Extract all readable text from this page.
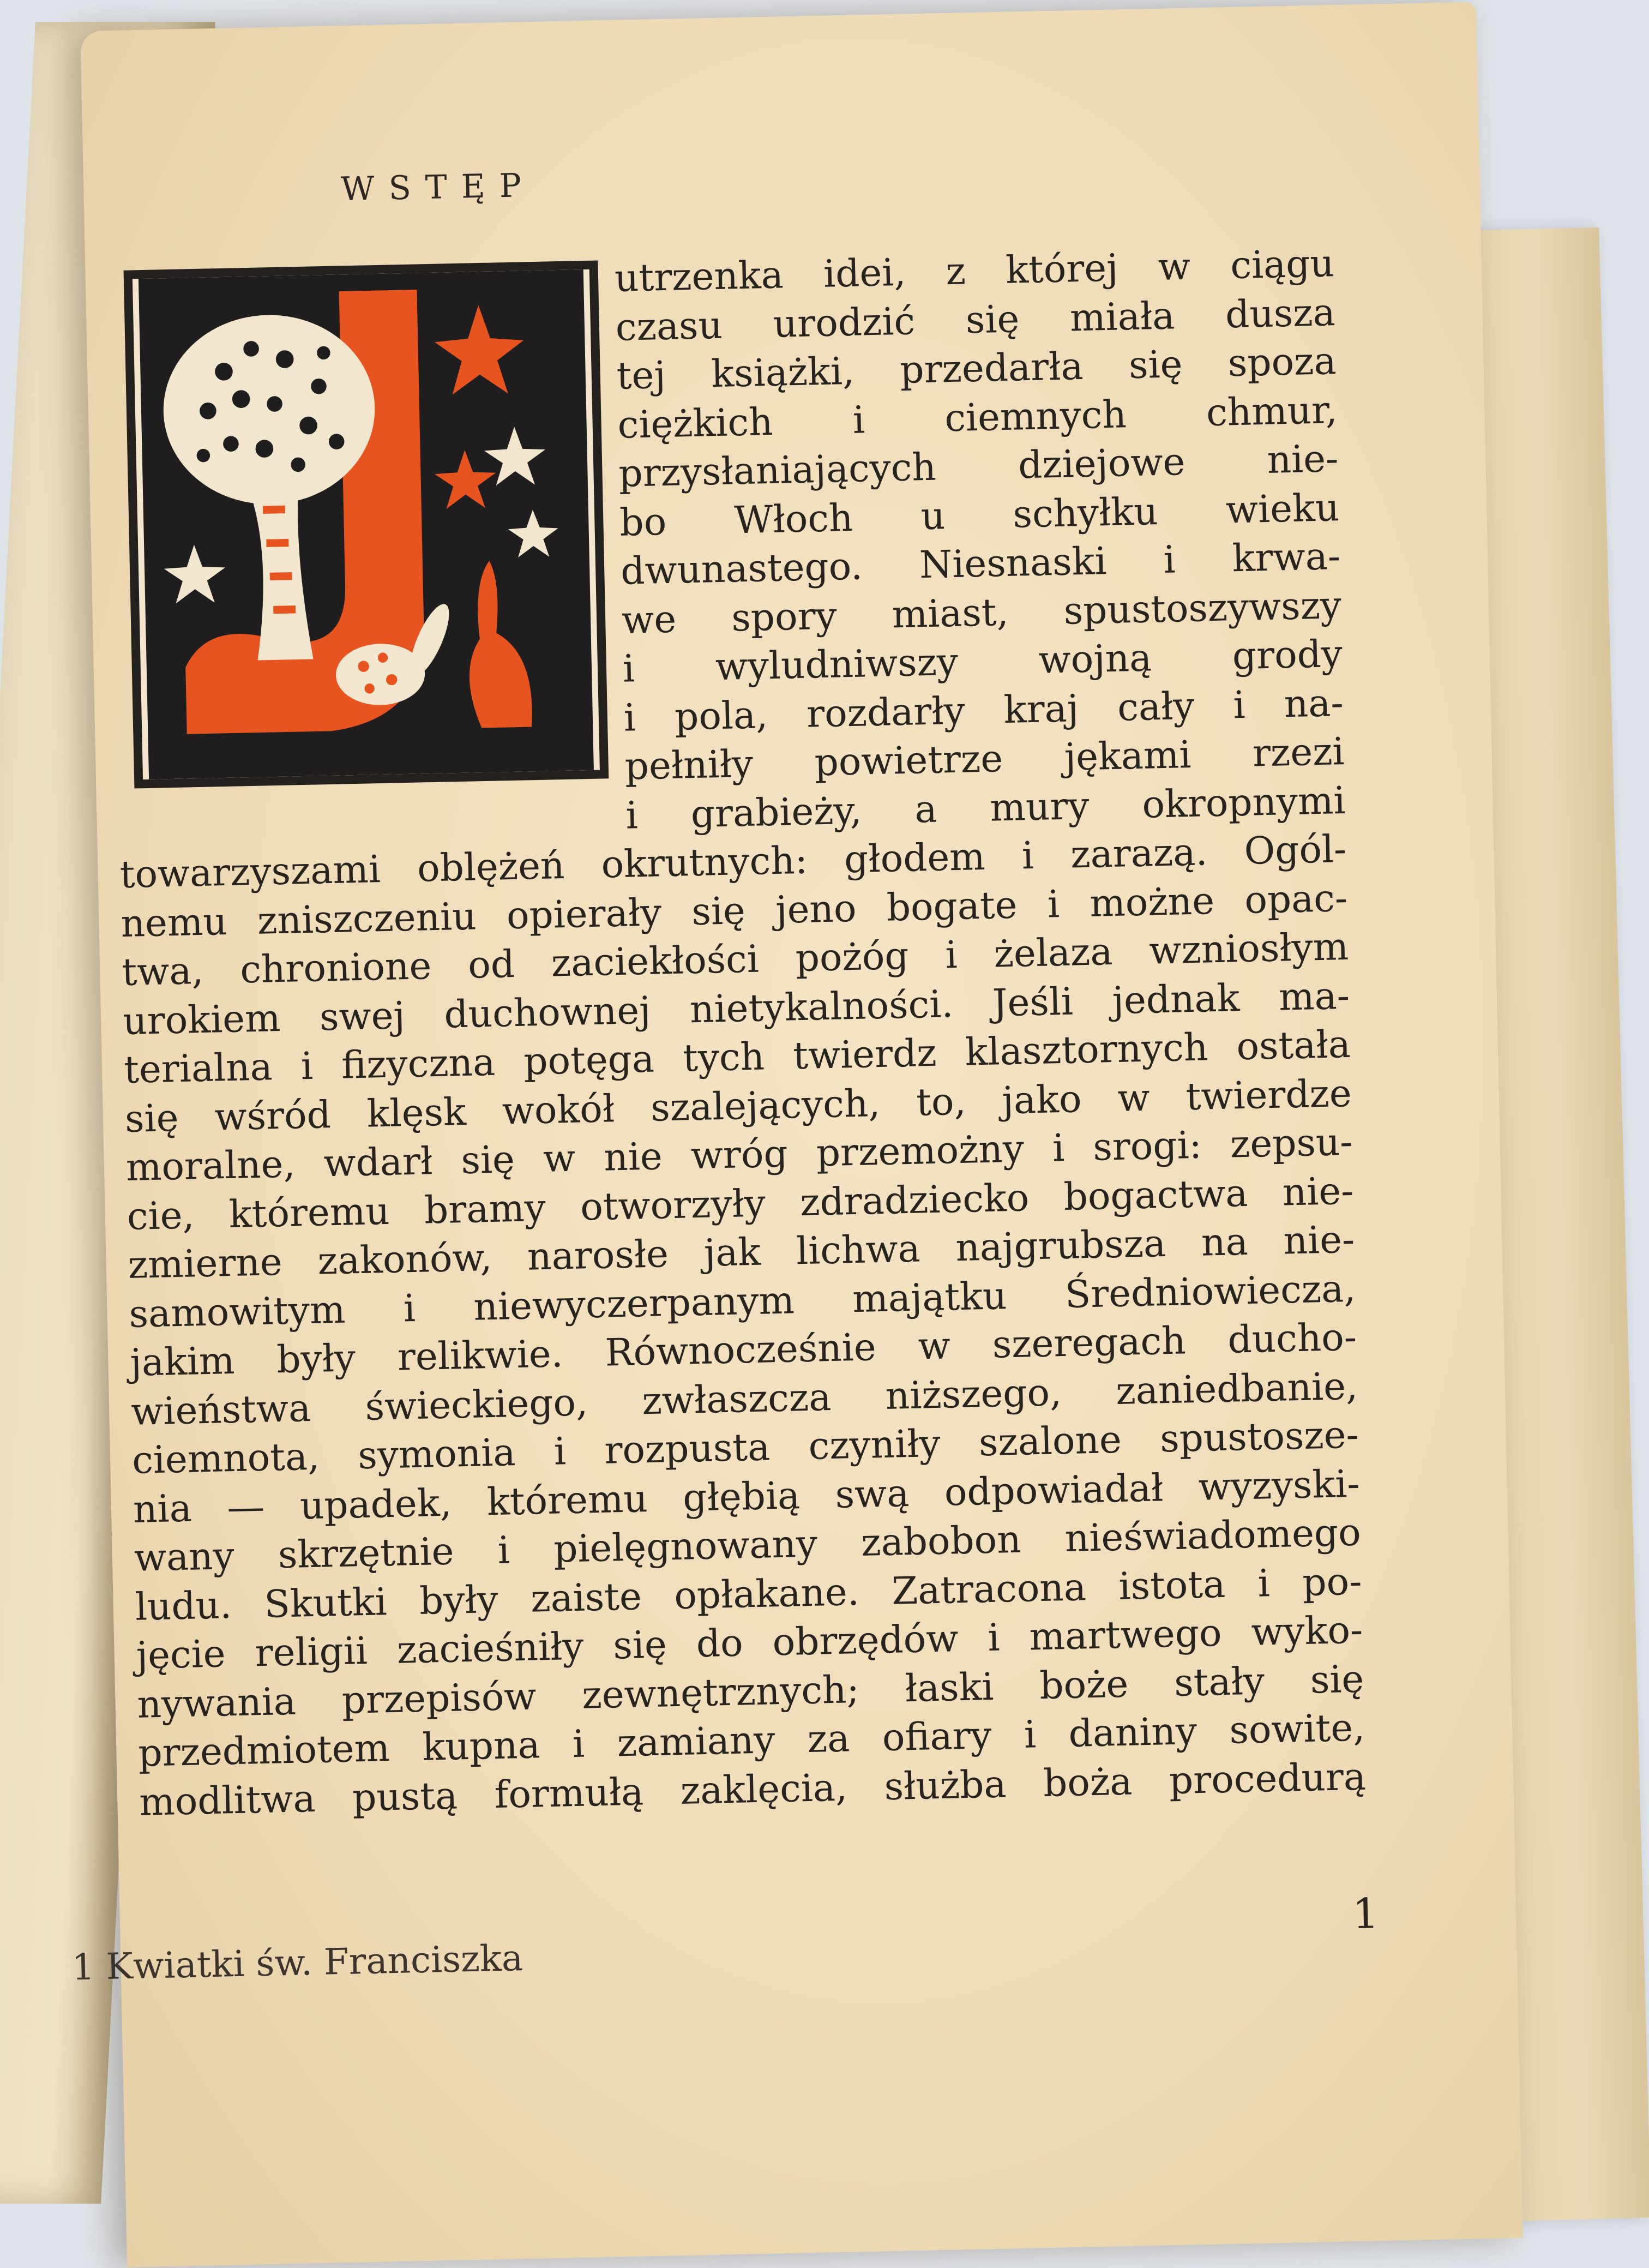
WSTĘP
utrzenka idei, z której w ciągu
czasu urodzić się miała dusza
tej książki, przedarła się spoza
ciężkich i ciemnych chmur,
przysłaniających dziejowe nie-
bo Włoch u schyłku wieku
dwunastego. Niesnaski i krwa-
we spory miast, spustoszywszy
i wyludniwszy wojną grody
i pola, rozdarły kraj cały i na-
pełniły powietrze jękami rzezi
i grabieży, a mury okropnymi
towarzyszami oblężeń okrutnych: głodem i zarazą. Ogól-
nemu zniszczeniu opierały się jeno bogate i możne opac-
twa, chronione od zaciekłości pożóg i żelaza wzniosłym
urokiem swej duchownej nietykalności. Jeśli jednak ma-
terialna i fizyczna potęga tych twierdz klasztornych ostała
się wśród klęsk wokół szalejących, to, jako w twierdze
moralne, wdarł się w nie wróg przemożny i srogi: zepsu-
cie, któremu bramy otworzyły zdradziecko bogactwa nie-
zmierne zakonów, narosłe jak lichwa najgrubsza na nie-
samowitym i niewyczerpanym majątku Średniowiecza,
jakim były relikwie. Równocześnie w szeregach ducho-
wieństwa świeckiego, zwłaszcza niższego, zaniedbanie,
ciemnota, symonia i rozpusta czyniły szalone spustosze-
nia — upadek, któremu głębią swą odpowiadał wyzyski-
wany skrzętnie i pielęgnowany zabobon nieświadomego
ludu. Skutki były zaiste opłakane. Zatracona istota i po-
jęcie religii zacieśniły się do obrzędów i martwego wyko-
nywania przepisów zewnętrznych; łaski boże stały się
przedmiotem kupna i zamiany za ofiary i daniny sowite,
modlitwa pustą formułą zaklęcia, służba boża procedurą
1 Kwiatki św. Franciszka
1
